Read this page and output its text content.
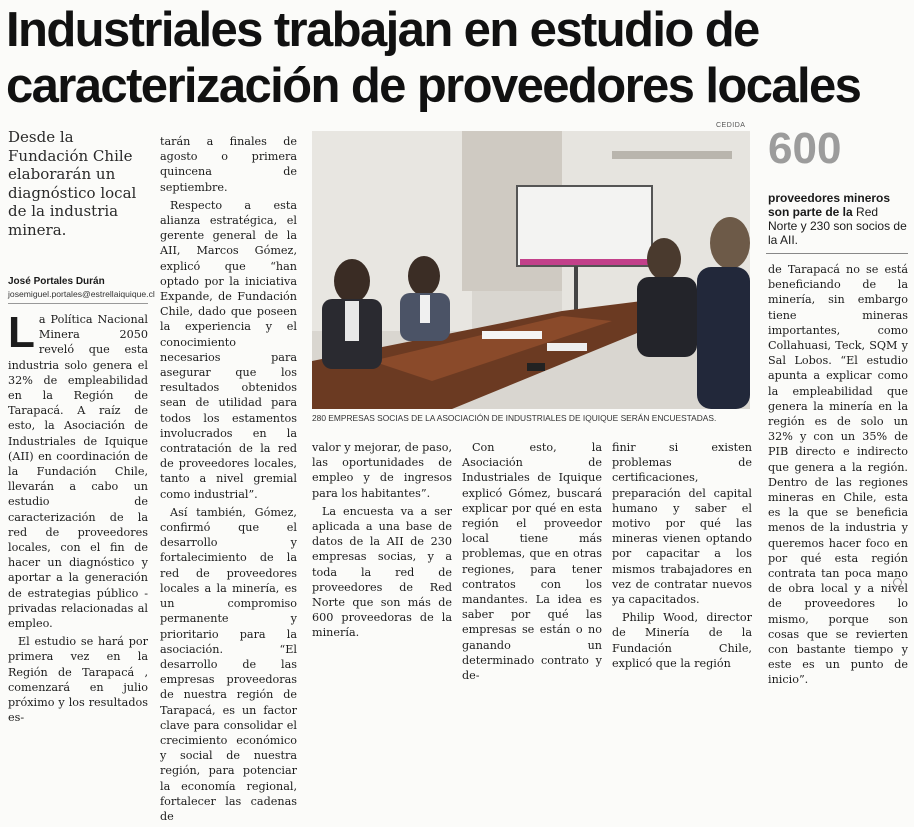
Industriales trabajan en estudio de
caracterización de proveedores locales
Desde la Fundación Chile elaborarán un diagnóstico local de la industria minera.
José Portales Durán
josemiguel.portales@estrellaiquique.cl

La Política Nacional Minera 2050 reveló que esta industria solo genera el 32% de empleabilidad en la Región de Tarapacá. A raíz de esto, la Asociación de Industriales de Iquique (AII) en coordinación de la Fundación Chile, llevarán a cabo un estudio de caracterización de la red de proveedores locales, con el fin de hacer un diagnóstico y aportar a la generación de estrategias público - privadas relacionadas al empleo.

El estudio se hará por primera vez en la Región de Tarapacá , comenzará en julio próximo y los resultados es-

tarán a finales de agosto o primera quincena de septiembre.

Respecto a esta alianza estratégica, el gerente general de la AII, Marcos Gómez, explicó que “han optado por la iniciativa Expande, de Fundación Chile, dado que poseen la experiencia y el conocimiento necesarios para asegurar que los resultados obtenidos sean de utilidad para todos los estamentos involucrados en la contratación de la red de proveedores locales, tanto a nivel gremial como industrial”.

Así también, Gómez, confirmó que el desarrollo y fortalecimiento de la red de proveedores locales a la minería, es un compromiso permanente y prioritario para la asociación. “El desarrollo de las empresas proveedoras de nuestra región de Tarapacá, es un factor clave para consolidar el crecimiento económico y social de nuestra región, para potenciar la economía regional, fortalecer las cadenas de

CEDIDA
280 EMPRESAS SOCIAS DE LA ASOCIACIÓN DE INDUSTRIALES DE IQUIQUE SERÁN ENCUESTADAS.

valor y mejorar, de paso, las oportunidades de empleo y de ingresos para los habitantes”.

La encuesta va a ser aplicada a una base de datos de la AII de 230 empresas socias, y a toda la red de proveedores de Red Norte que son más de 600 proveedoras de la minería.

Con esto, la Asociación de Industriales de Iquique explicó Gómez, buscará explicar por qué en esta región el proveedor local tiene más problemas, que en otras regiones, para tener contratos con los mandantes. La idea es saber por qué las empresas se están o no ganando un determinado contrato y de-

finir si existen problemas de certificaciones, preparación del capital humano y saber el motivo por qué las mineras vienen optando por capacitar a los mismos trabajadores en vez de contratar nuevos ya capacitados.

Philip Wood, director de Minería de la Fundación Chile, explicó que la región

600
proveedores mineros son parte de la Red Norte y 230 son socios de la AII.

de Tarapacá no se está beneficiando de la minería, sin embargo tiene mineras importantes, como Collahuasi, Teck, SQM y Sal Lobos. “El estudio apunta a explicar como la empleabilidad que genera la minería en la región es de solo un 32% y con un 35% de PIB directo e indirecto que genera a la región. Dentro de las regiones mineras en Chile, esta es la que se beneficia menos de la industria y queremos hacer foco en por qué esta región contrata tan poca mano de obra local y a nivel de proveedores lo mismo, porque son cosas que se revierten con bastante tiempo y este es un punto de inicio”.
